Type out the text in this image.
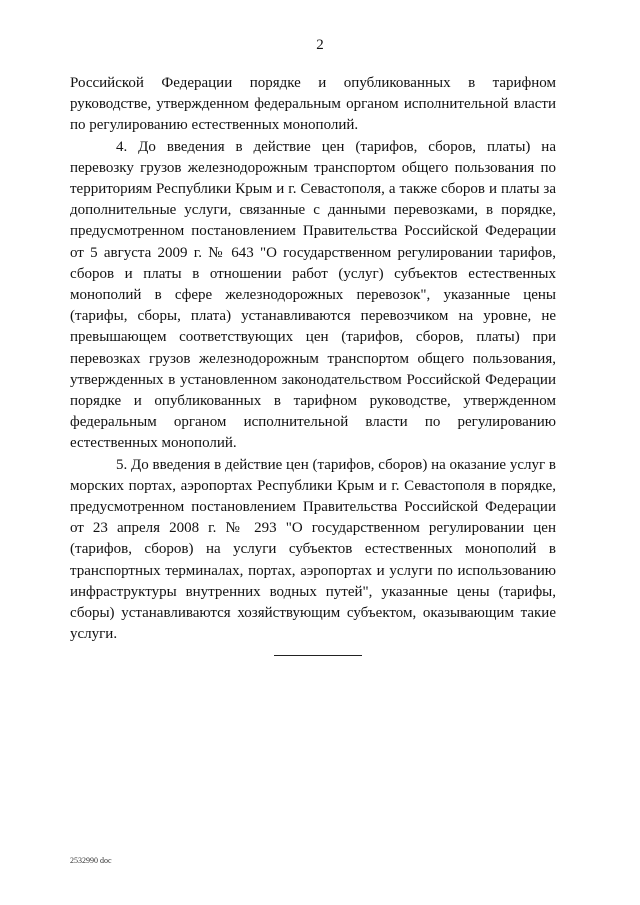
2

Российской Федерации порядке и опубликованных в тарифном руководстве, утвержденном федеральным органом исполнительной власти по регулированию естественных монополий.

4. До введения в действие цен (тарифов, сборов, платы) на перевозку грузов железнодорожным транспортом общего пользования по территориям Республики Крым и г. Севастополя, а также сборов и платы за дополнительные услуги, связанные с данными перевозками, в порядке, предусмотренном постановлением Правительства Российской Федерации от 5 августа 2009 г. № 643 "О государственном регулировании тарифов, сборов и платы в отношении работ (услуг) субъектов естественных монополий в сфере железнодорожных перевозок", указанные цены (тарифы, сборы, плата) устанавливаются перевозчиком на уровне, не превышающем соответствующих цен (тарифов, сборов, платы) при перевозках грузов железнодорожным транспортом общего пользования, утвержденных в установленном законодательством Российской Федерации порядке и опубликованных в тарифном руководстве, утвержденном федеральным органом исполнительной власти по регулированию естественных монополий.

5. До введения в действие цен (тарифов, сборов) на оказание услуг в морских портах, аэропортах Республики Крым и г. Севастополя в порядке, предусмотренном постановлением Правительства Российской Федерации от 23 апреля 2008 г. № 293 "О государственном регулировании цен (тарифов, сборов) на услуги субъектов естественных монополий в транспортных терминалах, портах, аэропортах и услуги по использованию инфраструктуры внутренних водных путей", указанные цены (тарифы, сборы) устанавливаются хозяйствующим субъектом, оказывающим такие услуги.

2532990 doc
